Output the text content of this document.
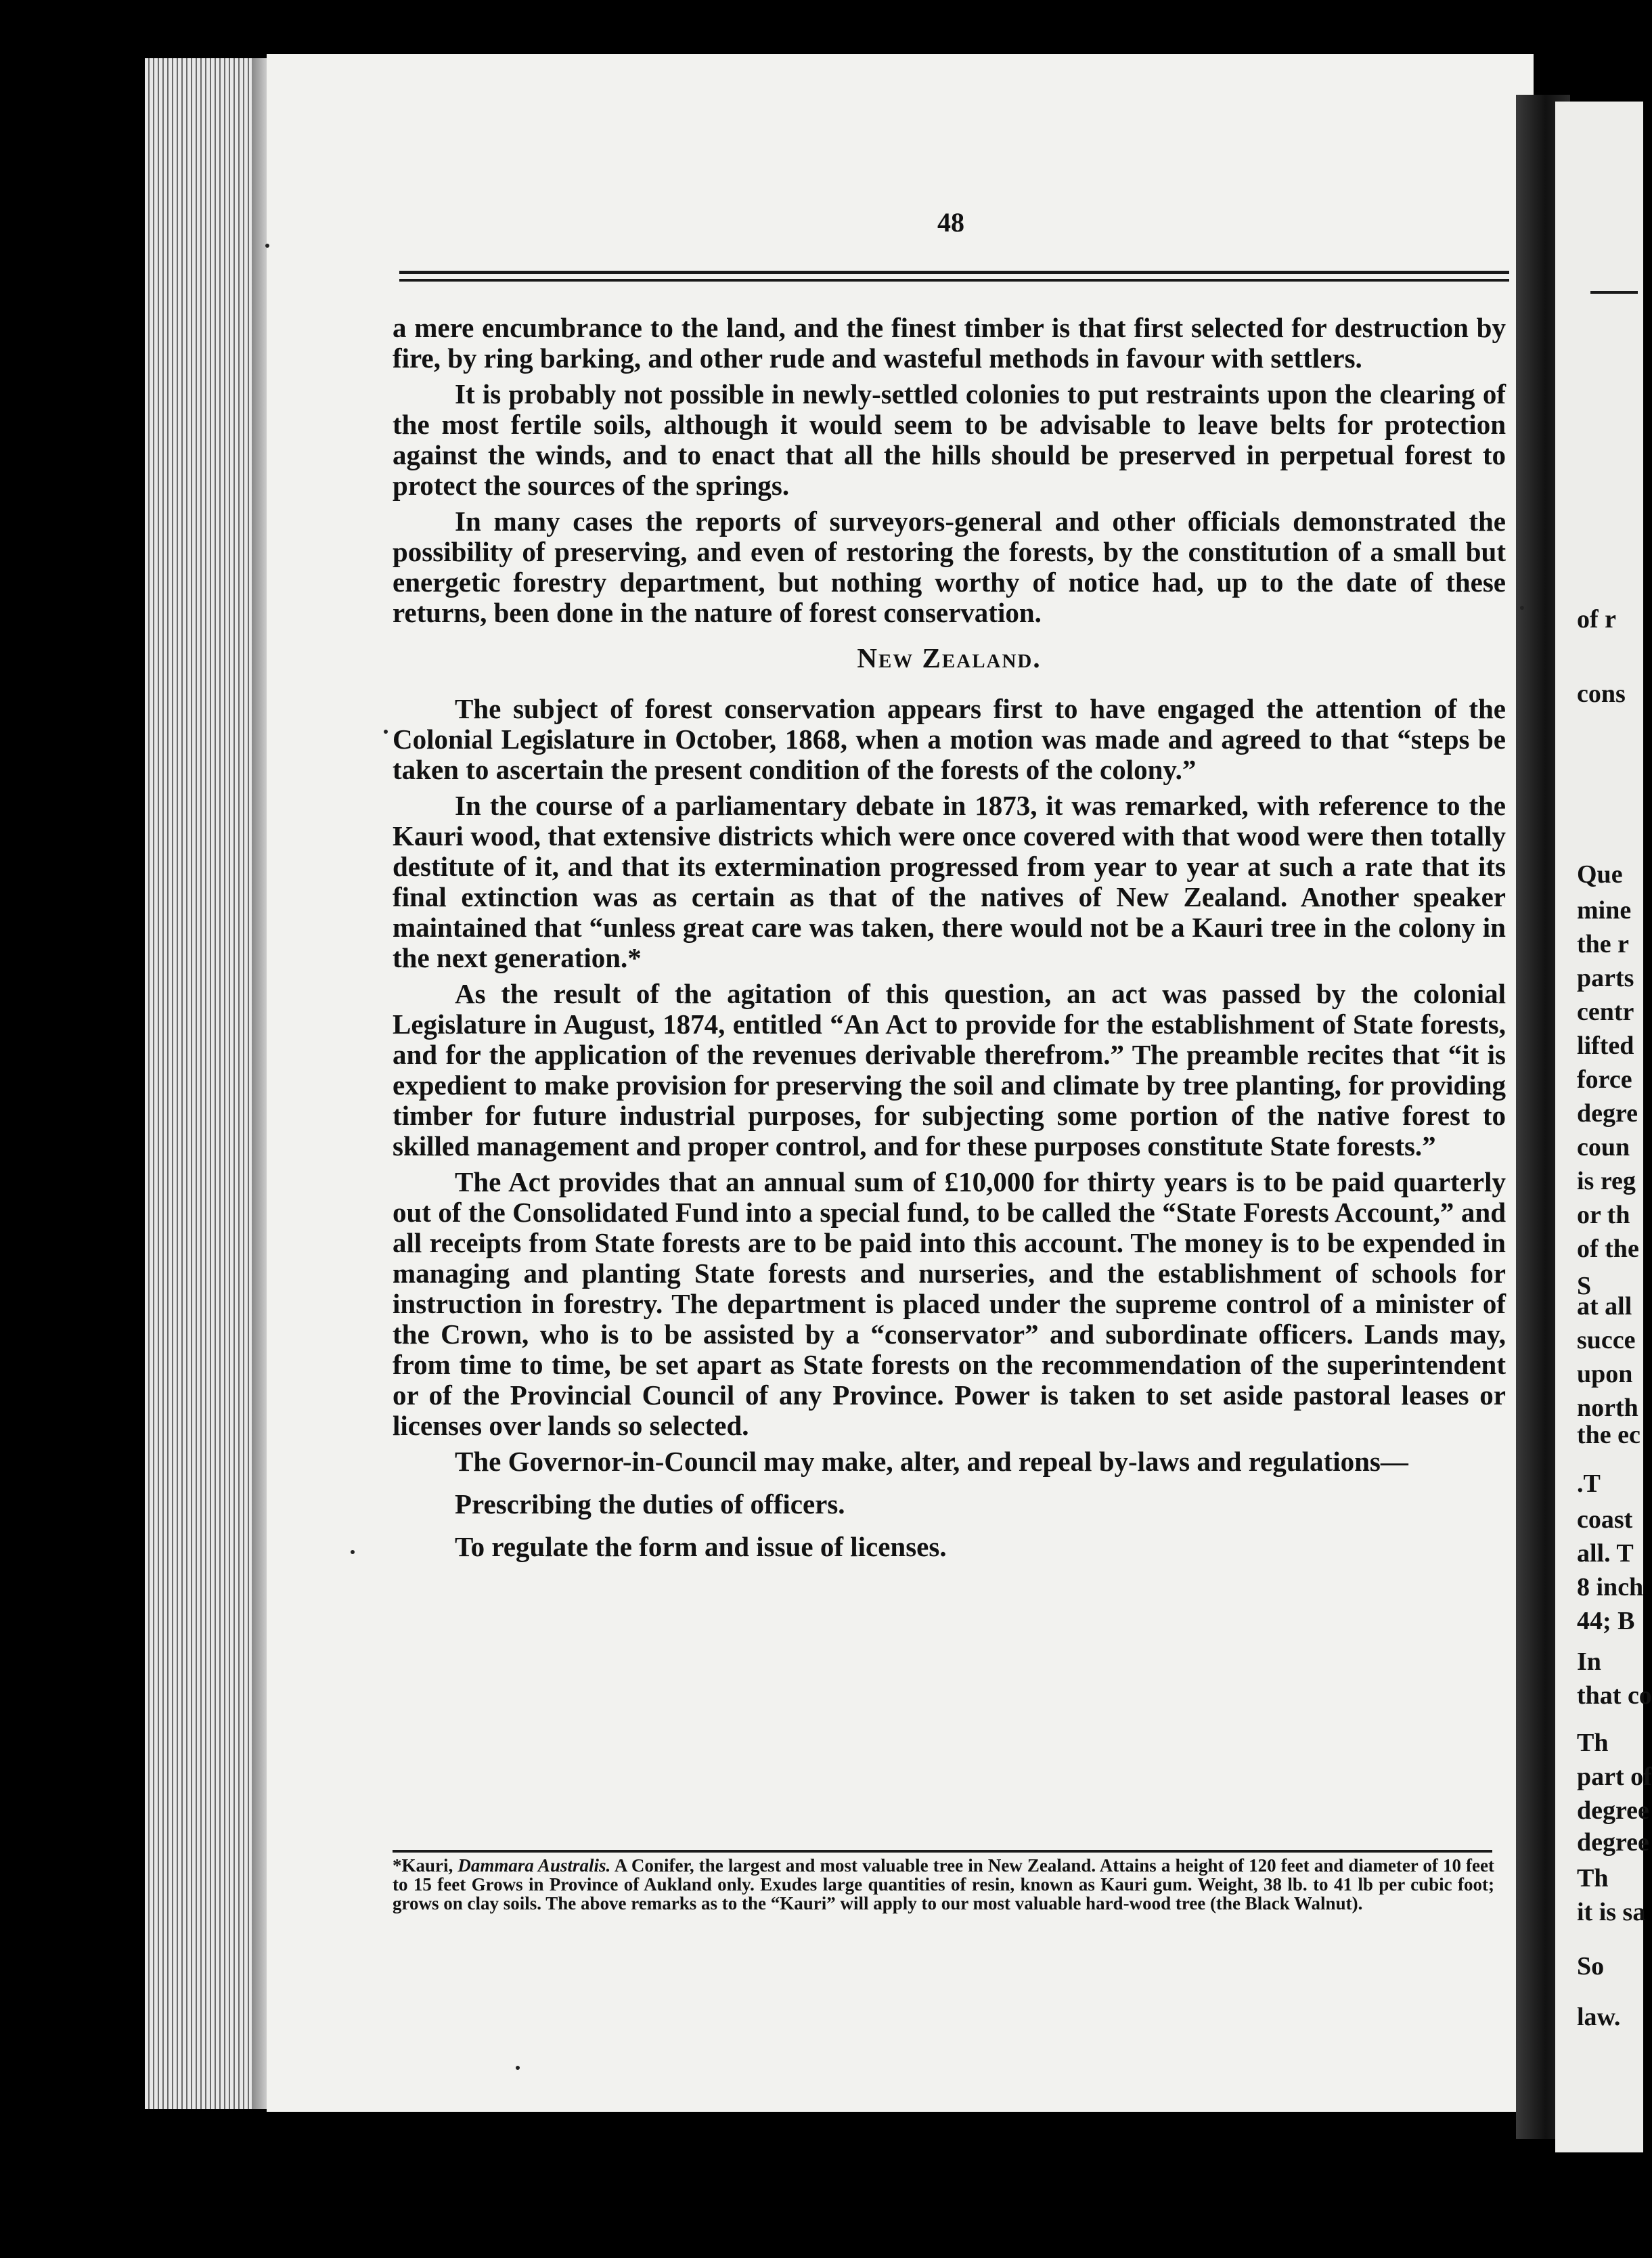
48

a mere encumbrance to the land, and the finest timber is that first selected for destruction by fire, by ring barking, and other rude and wasteful methods in favour with settlers.

It is probably not possible in newly-settled colonies to put restraints upon the clearing of the most fertile soils, although it would seem to be advisable to leave belts for protection against the winds, and to enact that all the hills should be preserved in perpetual forest to protect the sources of the springs.

In many cases the reports of surveyors-general and other officials demonstrated the possibility of preserving, and even of restoring the forests, by the constitution of a small but energetic forestry department, but nothing worthy of notice had, up to the date of these returns, been done in the nature of forest conservation.

New Zealand.

The subject of forest conservation appears first to have engaged the attention of the Colonial Legislature in October, 1868, when a motion was made and agreed to that “steps be taken to ascertain the present condition of the forests of the colony.”

In the course of a parliamentary debate in 1873, it was remarked, with reference to the Kauri wood, that extensive districts which were once covered with that wood were then totally destitute of it, and that its extermination progressed from year to year at such a rate that its final extinction was as certain as that of the natives of New Zealand. Another speaker maintained that “unless great care was taken, there would not be a Kauri tree in the colony in the next generation.*

As the result of the agitation of this question, an act was passed by the colonial Legislature in August, 1874, entitled “An Act to provide for the establishment of State forests, and for the application of the revenues derivable therefrom.” The preamble recites that “it is expedient to make provision for preserving the soil and climate by tree planting, for providing timber for future industrial purposes, for subjecting some portion of the native forest to skilled management and proper control, and for these purposes constitute State forests.”

The Act provides that an annual sum of £10,000 for thirty years is to be paid quarterly out of the Consolidated Fund into a special fund, to be called the “State Forests Account,” and all receipts from State forests are to be paid into this account. The money is to be expended in managing and planting State forests and nurseries, and the establishment of schools for instruction in forestry. The department is placed under the supreme control of a minister of the Crown, who is to be assisted by a “conservator” and subordinate officers. Lands may, from time to time, be set apart as State forests on the recommendation of the superintendent or of the Provincial Council of any Province. Power is taken to set aside pastoral leases or licenses over lands so selected.

The Governor-in-Council may make, alter, and repeal by-laws and regulations—

Prescribing the duties of officers.

To regulate the form and issue of licenses.

*Kauri, Dammara Australis. A Conifer, the largest and most valuable tree in New Zealand. Attains a height of 120 feet and diameter of 10 feet to 15 feet Grows in Province of Aukland only. Exudes large quantities of resin, known as Kauri gum. Weight, 38 lb. to 41 lb per cubic foot; grows on clay soils. The above remarks as to the “Kauri” will apply to our most valuable hard-wood tree (the Black Walnut).
of r
cons
Que
mine
the r
parts
centr
lifted
force
degre
coun
is reg
or th
of the
S
at all
succe
upon
north
the ec
.T
coast
all. T
8 inch
44; B
In
that co
Th
part of
degree
degree
Th
it is sa
So
law.
